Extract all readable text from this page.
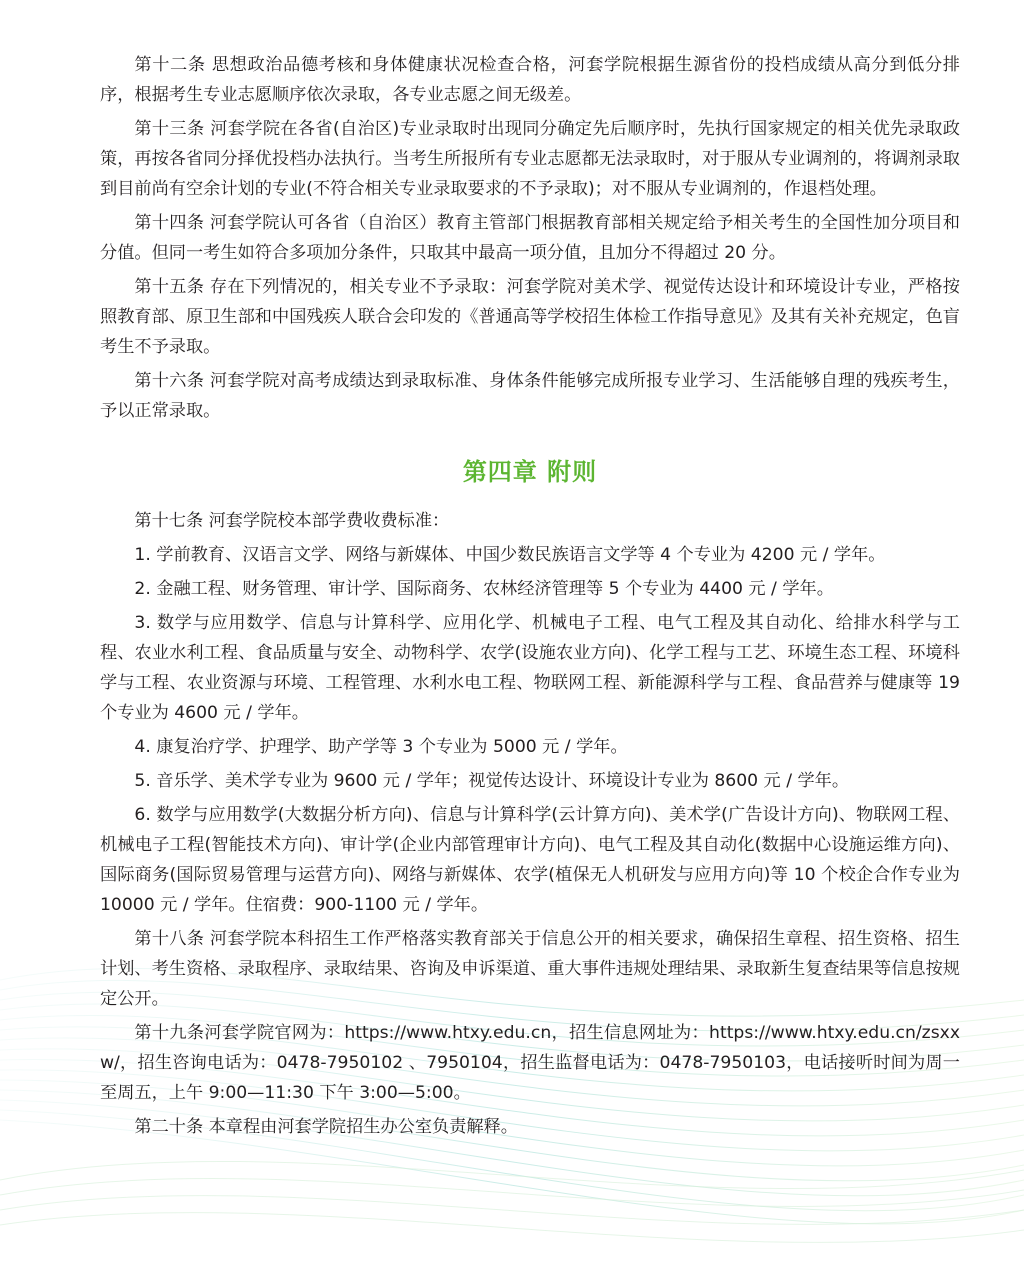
第十二条 思想政治品德考核和身体健康状况检查合格，河套学院根据生源省份的投档成绩从高分到低分排序，根据考生专业志愿顺序依次录取，各专业志愿之间无级差。

第十三条 河套学院在各省(自治区)专业录取时出现同分确定先后顺序时，先执行国家规定的相关优先录取政策，再按各省同分择优投档办法执行。当考生所报所有专业志愿都无法录取时，对于服从专业调剂的，将调剂录取到目前尚有空余计划的专业(不符合相关专业录取要求的不予录取)；对不服从专业调剂的，作退档处理。

第十四条 河套学院认可各省（自治区）教育主管部门根据教育部相关规定给予相关考生的全国性加分项目和分值。但同一考生如符合多项加分条件，只取其中最高一项分值，且加分不得超过 20 分。

第十五条 存在下列情况的，相关专业不予录取：河套学院对美术学、视觉传达设计和环境设计专业，严格按照教育部、原卫生部和中国残疾人联合会印发的《普通高等学校招生体检工作指导意见》及其有关补充规定，色盲考生不予录取。

第十六条 河套学院对高考成绩达到录取标准、身体条件能够完成所报专业学习、生活能够自理的残疾考生，予以正常录取。

第四章 附则

第十七条 河套学院校本部学费收费标准：

1. 学前教育、汉语言文学、网络与新媒体、中国少数民族语言文学等 4 个专业为 4200 元 / 学年。

2. 金融工程、财务管理、审计学、国际商务、农林经济管理等 5 个专业为 4400 元 / 学年。

3. 数学与应用数学、信息与计算科学、应用化学、机械电子工程、电气工程及其自动化、给排水科学与工程、农业水利工程、食品质量与安全、动物科学、农学(设施农业方向)、化学工程与工艺、环境生态工程、环境科学与工程、农业资源与环境、工程管理、水利水电工程、物联网工程、新能源科学与工程、食品营养与健康等 19 个专业为 4600 元 / 学年。

4. 康复治疗学、护理学、助产学等 3 个专业为 5000 元 / 学年。

5. 音乐学、美术学专业为 9600 元 / 学年；视觉传达设计、环境设计专业为 8600 元 / 学年。

6. 数学与应用数学(大数据分析方向)、信息与计算科学(云计算方向)、美术学(广告设计方向)、物联网工程、机械电子工程(智能技术方向)、审计学(企业内部管理审计方向)、电气工程及其自动化(数据中心设施运维方向)、国际商务(国际贸易管理与运营方向)、网络与新媒体、农学(植保无人机研发与应用方向)等 10 个校企合作专业为 10000 元 / 学年。住宿费：900-1100 元 / 学年。

第十八条 河套学院本科招生工作严格落实教育部关于信息公开的相关要求，确保招生章程、招生资格、招生计划、考生资格、录取程序、录取结果、咨询及申诉渠道、重大事件违规处理结果、录取新生复查结果等信息按规定公开。

第十九条河套学院官网为：https://www.htxy.edu.cn，招生信息网址为：https://www.htxy.edu.cn/zsxxw/，招生咨询电话为：0478-7950102 、7950104，招生监督电话为：0478-7950103，电话接听时间为周一至周五，上午 9:00—11:30 下午 3:00—5:00。

第二十条 本章程由河套学院招生办公室负责解释。
